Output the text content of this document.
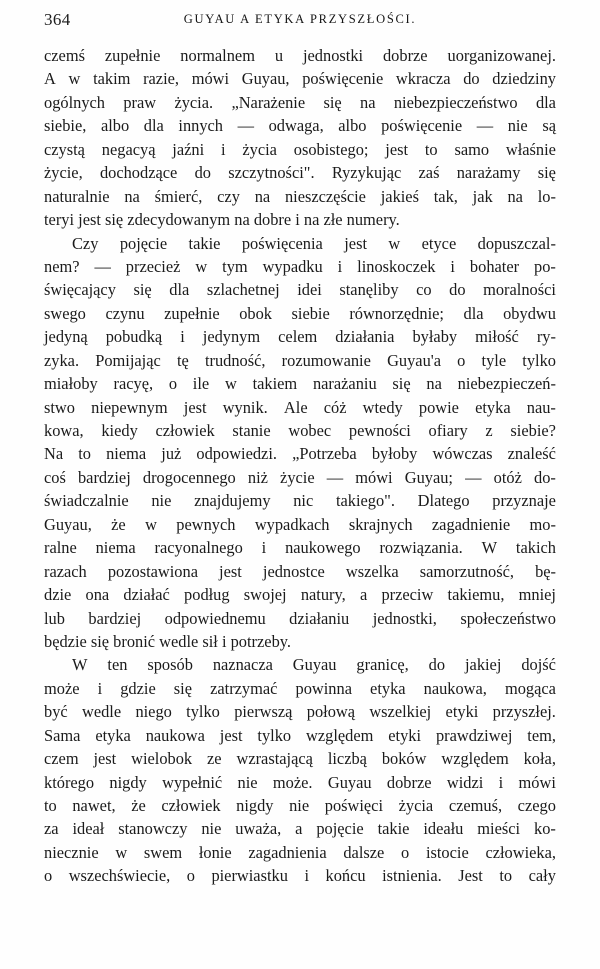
364	GUYAU A ETYKA PRZYSZŁOŚCI.

czemś zupełnie normalnem u jednostki dobrze uorganizowanej.
A w takim razie, mówi Guyau, poświęcenie wkracza do dziedziny
ogólnych praw życia. „Narażenie się na niebezpieczeństwo dla
siebie, albo dla innych — odwaga, albo poświęcenie — nie są
czystą negacyą jaźni i życia osobistego; jest to samo właśnie
życie, dochodzące do szczytności". Ryzykując zaś narażamy się
naturalnie na śmierć, czy na nieszczęście jakieś tak, jak na lo-
teryi jest się zdecydowanym na dobre i na złe numery.

Czy pojęcie takie poświęcenia jest w etyce dopuszczal-
nem? — przecież w tym wypadku i linoskoczek i bohater po-
święcający się dla szlachetnej idei stanęliby co do moralności
swego czynu zupełnie obok siebie równorzędnie; dla obydwu
jedyną pobudką i jedynym celem działania byłaby miłość ry-
zyka. Pomijając tę trudność, rozumowanie Guyau'a o tyle tylko
miałoby racyę, o ile w takiem narażaniu się na niebezpieczeń-
stwo niepewnym jest wynik. Ale cóż wtedy powie etyka nau-
kowa, kiedy człowiek stanie wobec pewności ofiary z siebie?
Na to niema już odpowiedzi. „Potrzeba byłoby wówczas znaleść
coś bardziej drogocennego niż życie — mówi Guyau; — otóż do-
świadczalnie nie znajdujemy nic takiego". Dlatego przyznaje
Guyau, że w pewnych wypadkach skrajnych zagadnienie mo-
ralne niema racyonalnego i naukowego rozwiązania. W takich
razach pozostawiona jest jednostce wszelka samorzutność, bę-
dzie ona działać podług swojej natury, a przeciw takiemu, mniej
lub bardziej odpowiednemu działaniu jednostki, społeczeństwo
będzie się bronić wedle sił i potrzeby.

W ten sposób naznacza Guyau granicę, do jakiej dojść
może i gdzie się zatrzymać powinna etyka naukowa, mogąca
być wedle niego tylko pierwszą połową wszelkiej etyki przyszłej.
Sama etyka naukowa jest tylko względem etyki prawdziwej tem,
czem jest wielobok ze wzrastającą liczbą boków względem koła,
którego nigdy wypełnić nie może. Guyau dobrze widzi i mówi
to nawet, że człowiek nigdy nie poświęci życia czemuś, czego
za ideał stanowczy nie uważa, a pojęcie takie ideału mieści ko-
niecznie w swem łonie zagadnienia dalsze o istocie człowieka,
o wszechświecie, o pierwiastku i końcu istnienia. Jest to cały
